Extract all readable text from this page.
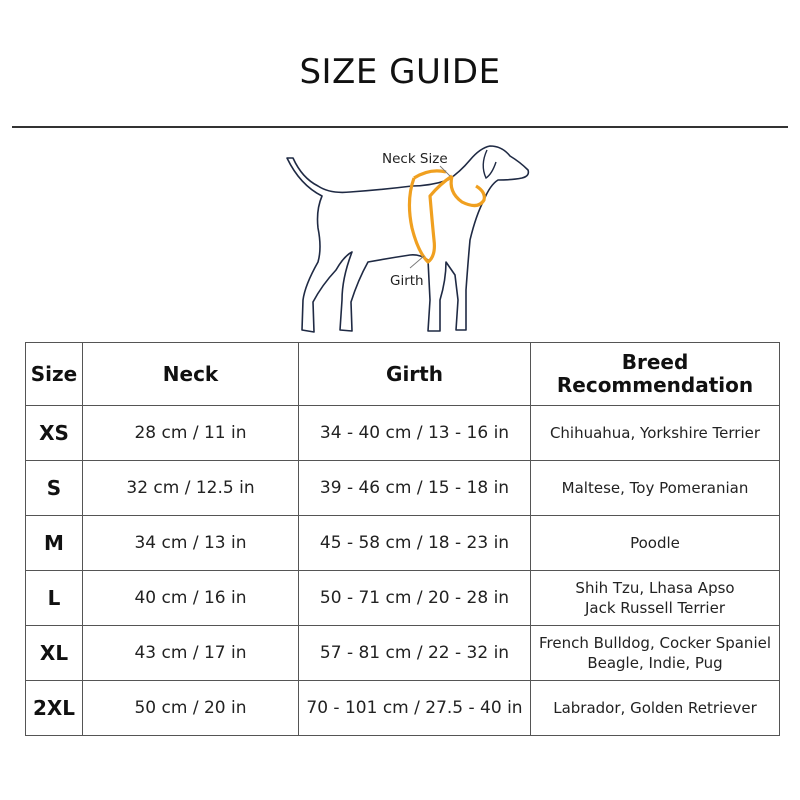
SIZE GUIDE
Neck Size
Girth
Size	Neck	Girth	Breed
Recommendation

XS	28 cm / 11 in	34 - 40 cm / 13 - 16 in	Chihuahua, Yorkshire Terrier

S	32 cm / 12.5 in	39 - 46 cm / 15 - 18 in	Maltese, Toy Pomeranian

M	34 cm / 13 in	45 - 58 cm / 18 - 23 in	Poodle

L	40 cm / 16 in	50 - 71 cm / 20 - 28 in	Shih Tzu, Lhasa Apso
Jack Russell Terrier

XL	43 cm / 17 in	57 - 81 cm / 22 - 32 in	French Bulldog, Cocker Spaniel
Beagle, Indie, Pug

2XL	50 cm / 20 in	70 - 101 cm / 27.5 - 40 in	Labrador, Golden Retriever
